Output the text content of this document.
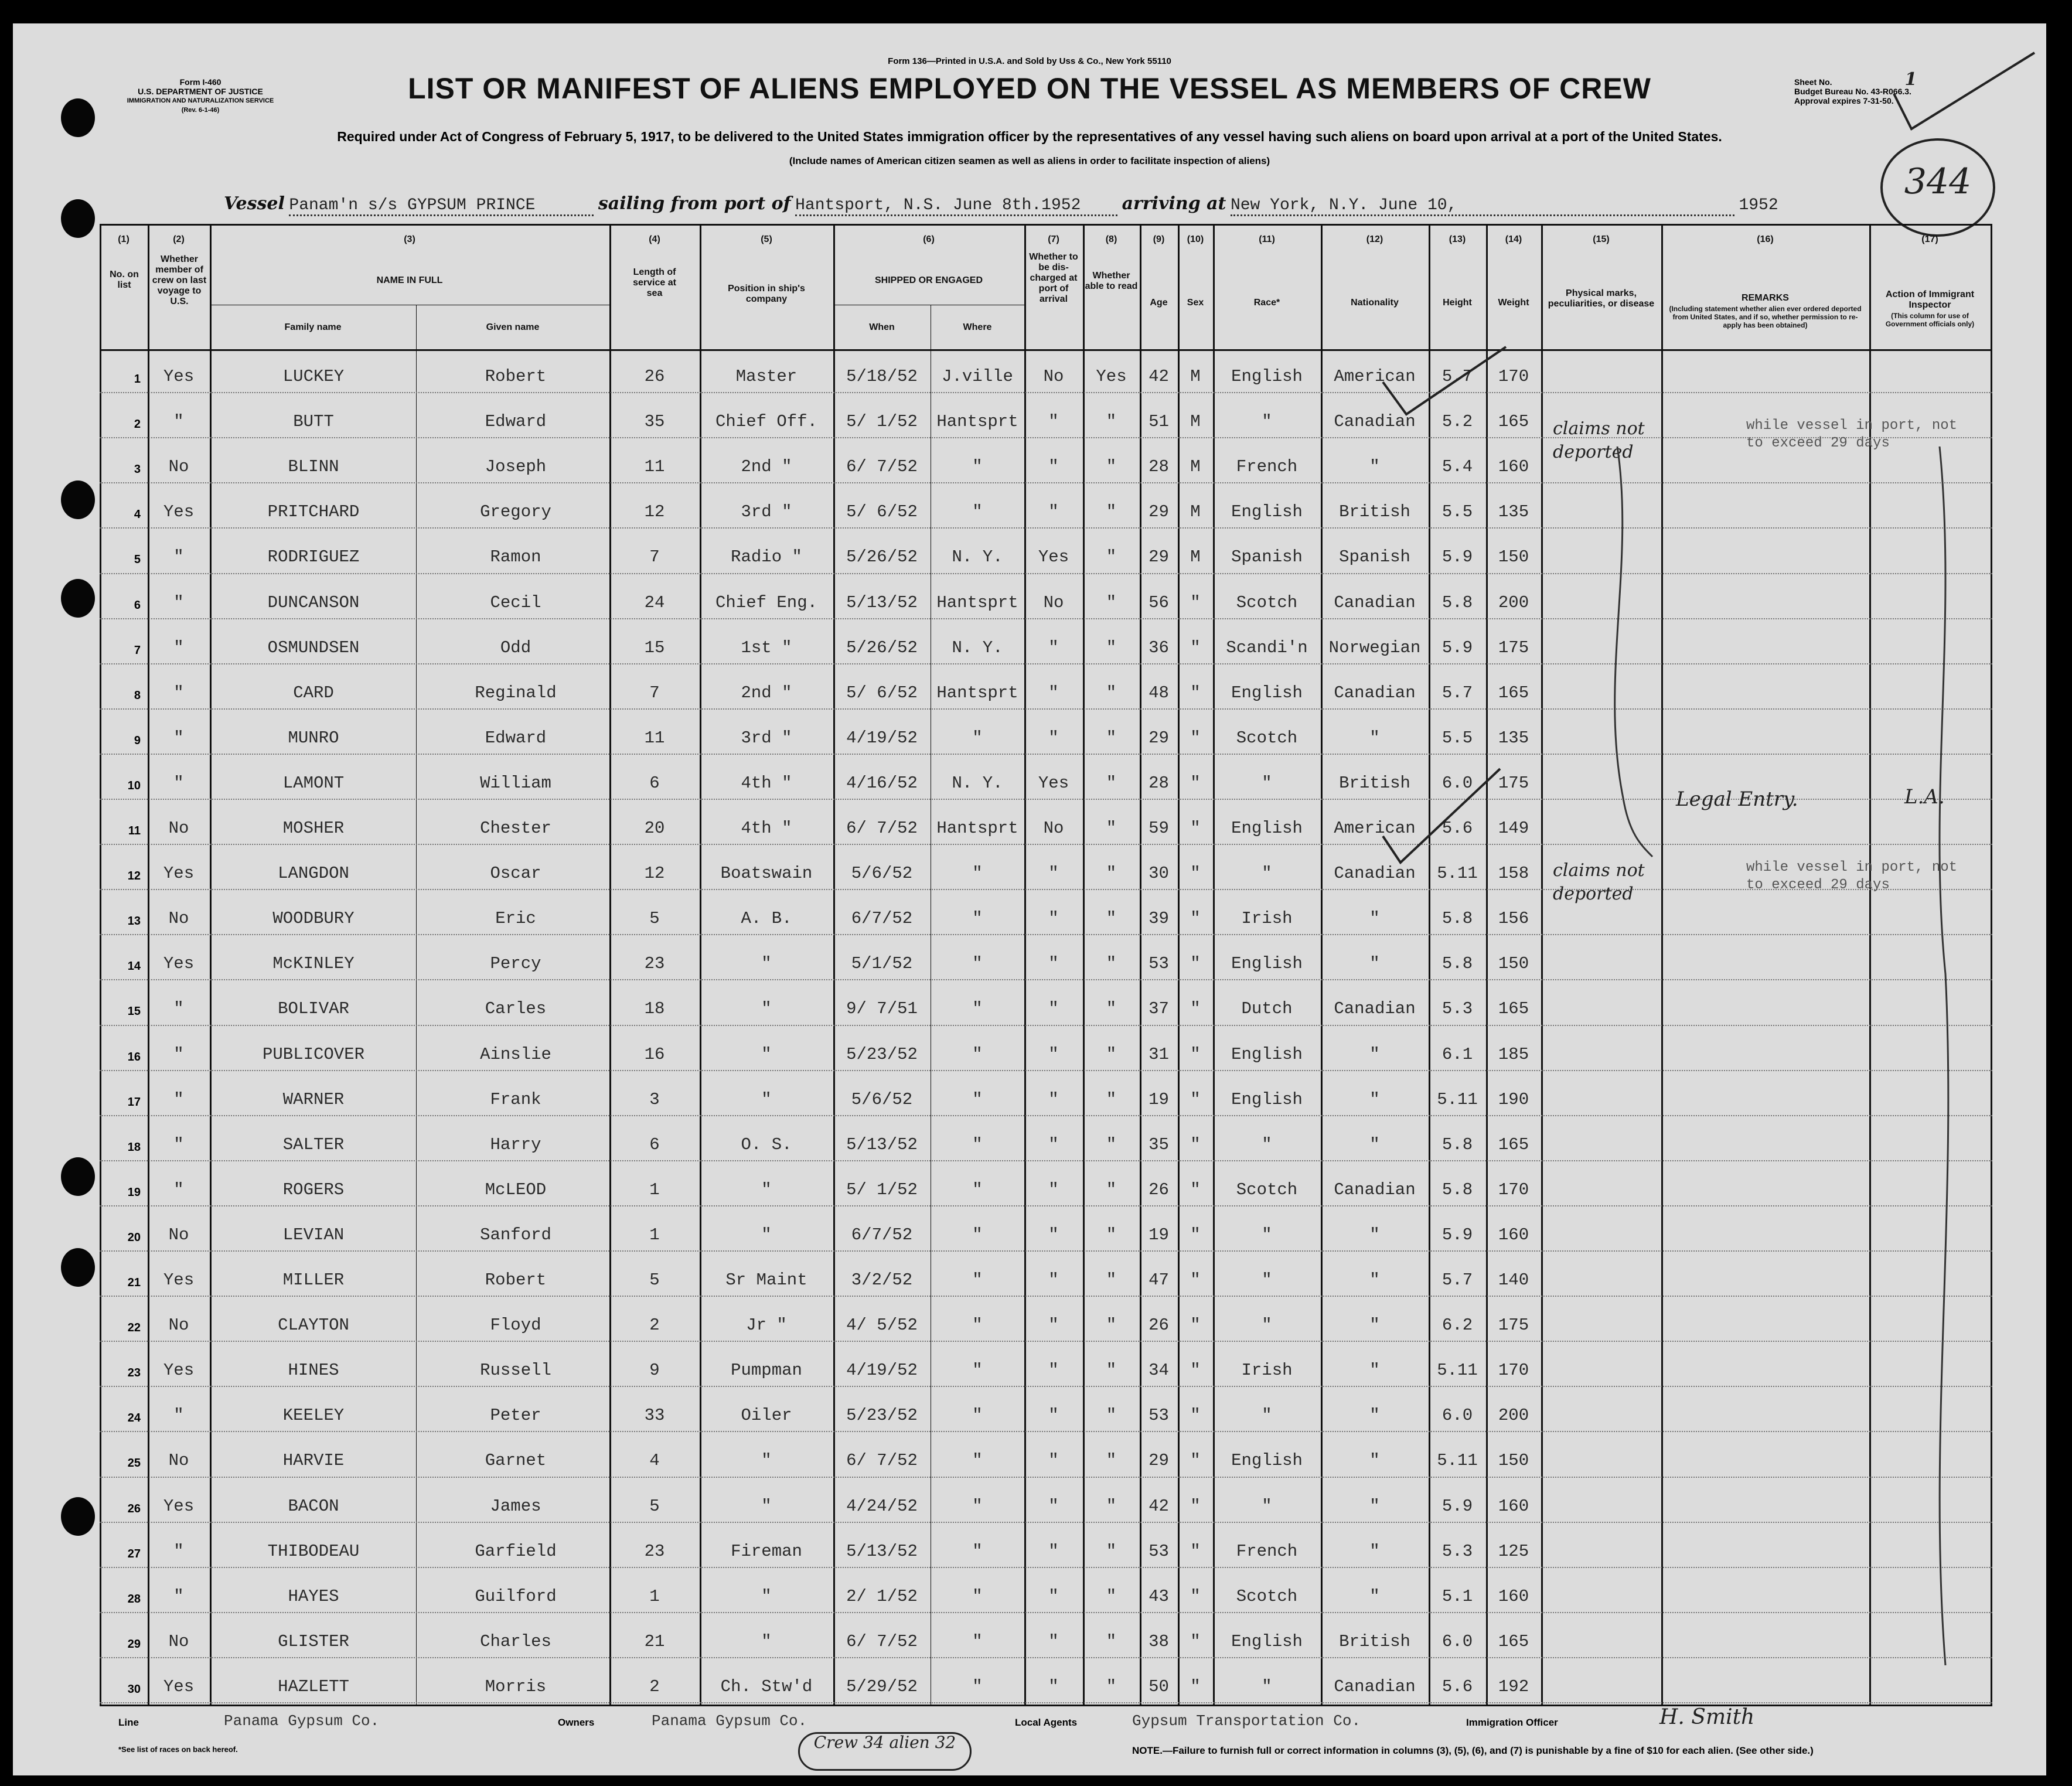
Form I-460
U.S. DEPARTMENT OF JUSTICE
IMMIGRATION AND NATURALIZATION SERVICE
(Rev. 6-1-46)
Form 136—Printed in U.S.A. and Sold by Uss & Co., New York 55110
LIST OR MANIFEST OF ALIENS EMPLOYED ON THE VESSEL AS MEMBERS OF CREW	Sheet No.	1
Budget Bureau No. 43-R066.3.
Approval expires 7-31-50.
344
Required under Act of Congress of February 5, 1917, to be delivered to the United States immigration officer by the representatives of any vessel having such aliens on board upon arrival at a port of the United States.
(Include names of American citizen seamen as well as aliens in order to facilitate inspection of aliens)
Vessel Panam'n s/s GYPSUM PRINCE	sailing from port of Hantsport, N.S. June 8th.1952 arriving at New York, N.Y. June 10,	1952
(1)	(2)	(3)	(4)	(5)	(6)	(7)	(8)	(9)	(10)	(11)	(12)	(13)	(14)	(15)	(16)	(17)
No. on list
Whether member of crew on last voyage to U.S.
NAME IN FULL
Family name	Given name
Length of service at sea	Position in ship's company
SHIPPED OR ENGAGED
When	Where
Whether to be dis-charged at port of arrival
Whether able to read
Age	Sex	Race*	Nationality	Height	Weight
Physical marks, peculiarities, or disease
REMARKS
(Including statement whether alien ever ordered deported from United States, and if so, whether permission to re-apply has been obtained)
Action of Immigrant Inspector
(This column for use of Government officials only)
1	Yes	LUCKEY	Robert	26	Master	5/18/52	J.ville	No	Yes	42	M	English	American	5.7	170
2	"	BUTT	Edward	35	Chief Off.	5/ 1/52	Hantsprt	"	"	51	M	"	Canadian	5.2	165
3	No	BLINN	Joseph	11	2nd "	6/ 7/52	"	"	"	28	M	French	"	5.4	160
4	Yes	PRITCHARD	Gregory	12	3rd "	5/ 6/52	"	"	"	29	M	English	British	5.5	135
5	"	RODRIGUEZ	Ramon	7	Radio "	5/26/52	N. Y.	Yes	"	29	M	Spanish	Spanish	5.9	150
6	"	DUNCANSON	Cecil	24	Chief Eng.	5/13/52	Hantsprt	No	"	56	"	Scotch	Canadian	5.8	200
7	"	OSMUNDSEN	Odd	15	1st "	5/26/52	N. Y.	"	"	36	"	Scandi'n	Norwegian	5.9	175
8	"	CARD	Reginald	7	2nd "	5/ 6/52	Hantsprt	"	"	48	"	English	Canadian	5.7	165
9	"	MUNRO	Edward	11	3rd "	4/19/52	"	"	"	29	"	Scotch	"	5.5	135
10	"	LAMONT	William	6	4th "	4/16/52	N. Y.	Yes	"	28	"	"	British	6.0	175
11	No	MOSHER	Chester	20	4th "	6/ 7/52	Hantsprt	No	"	59	"	English	American	5.6	149
12	Yes	LANGDON	Oscar	12	Boatswain	5/6/52	"	"	"	30	"	"	Canadian	5.11	158
13	No	WOODBURY	Eric	5	A. B.	6/7/52	"	"	"	39	"	Irish	"	5.8	156
14	Yes	McKINLEY	Percy	23	"	5/1/52	"	"	"	53	"	English	"	5.8	150
15	"	BOLIVAR	Carles	18	"	9/ 7/51	"	"	"	37	"	Dutch	Canadian	5.3	165
16	"	PUBLICOVER	Ainslie	16	"	5/23/52	"	"	"	31	"	English	"	6.1	185
17	"	WARNER	Frank	3	"	5/6/52	"	"	"	19	"	English	"	5.11	190
18	"	SALTER	Harry	6	O. S.	5/13/52	"	"	"	35	"	"	"	5.8	165
19	"	ROGERS	McLEOD	1	"	5/ 1/52	"	"	"	26	"	Scotch	Canadian	5.8	170
20	No	LEVIAN	Sanford	1	"	6/7/52	"	"	"	19	"	"	"	5.9	160
21	Yes	MILLER	Robert	5	Sr Maint	3/2/52	"	"	"	47	"	"	"	5.7	140
22	No	CLAYTON	Floyd	2	Jr "	4/ 5/52	"	"	"	26	"	"	"	6.2	175
23	Yes	HINES	Russell	9	Pumpman	4/19/52	"	"	"	34	"	Irish	"	5.11	170
24	"	KEELEY	Peter	33	Oiler	5/23/52	"	"	"	53	"	"	"	6.0	200
25	No	HARVIE	Garnet	4	"	6/ 7/52	"	"	"	29	"	English	"	5.11	150
26	Yes	BACON	James	5	"	4/24/52	"	"	"	42	"	"	"	5.9	160
27	"	THIBODEAU	Garfield	23	Fireman	5/13/52	"	"	"	53	"	French	"	5.3	125
28	"	HAYES	Guilford	1	"	2/ 1/52	"	"	"	43	"	Scotch	"	5.1	160
29	No	GLISTER	Charles	21	"	6/ 7/52	"	"	"	38	"	English	British	6.0	165
30	Yes	HAZLETT	Morris	2	Ch. Stw'd	5/29/52	"	"	"	50	"	"	Canadian	5.6	192
claims not deported
while vessel in port, not to exceed 29 days
Legal Entry.	L.A.
claims not deported
while vessel in port, not to exceed 29 days
Line	Panama Gypsum Co.	Owners	Panama Gypsum Co.	Local Agents	Gypsum Transportation Co.	Immigration Officer	H. Smith
*See list of races on back hereof.	Crew 34 alien 32	NOTE.—Failure to furnish full or correct information in columns (3), (5), (6), and (7) is punishable by a fine of $10 for each alien. (See other side.)
